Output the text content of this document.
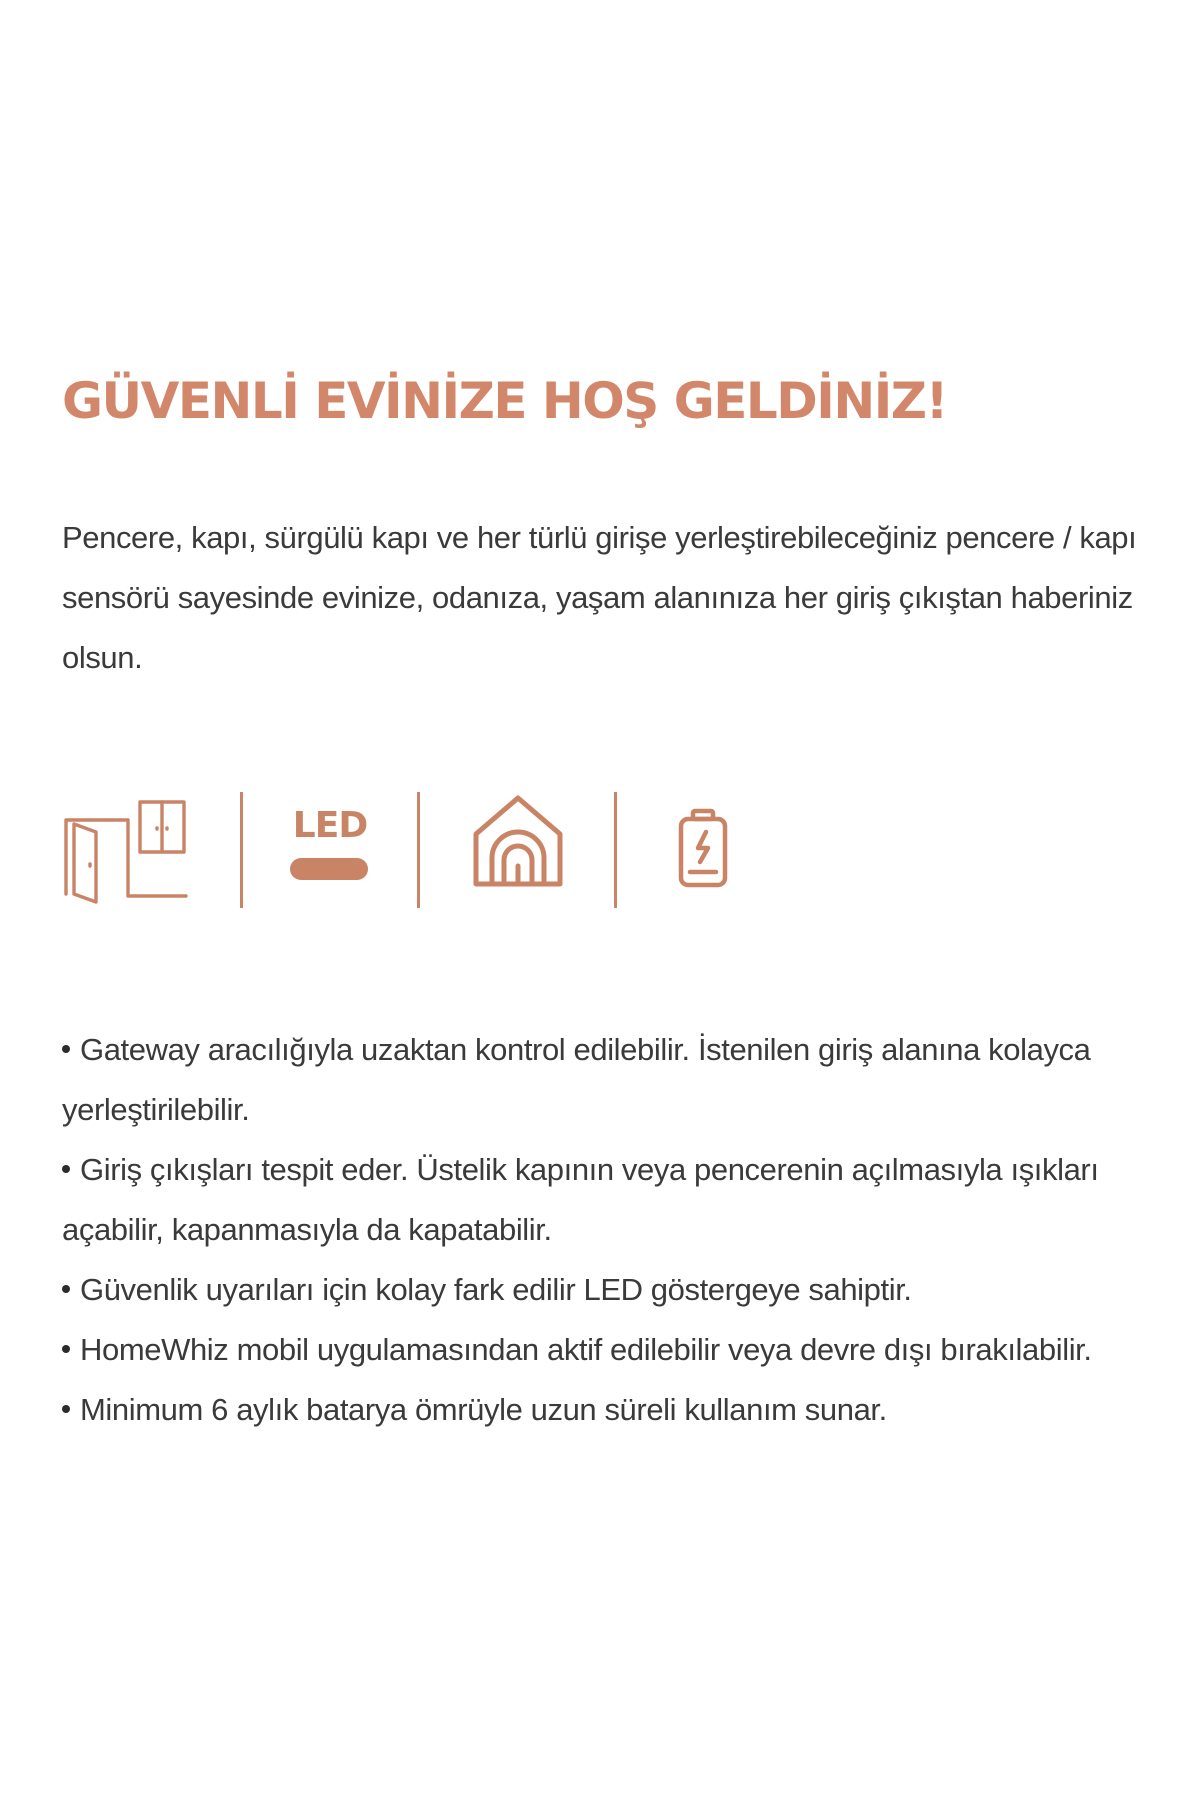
GÜVENLİ EVİNİZE HOŞ GELDİNİZ!

Pencere, kapı, sürgülü kapı ve her türlü girişe yerleştirebileceğiniz pencere / kapı sensörü sayesinde evinize, odanıza, yaşam alanınıza her giriş çıkıştan haberiniz olsun.

LED
Gateway aracılığıyla uzaktan kontrol edilebilir. İstenilen giriş alanına kolayca yerleştirilebilir.
Giriş çıkışları tespit eder. Üstelik kapının veya pencerenin açılmasıyla ışıkları açabilir, kapanmasıyla da kapatabilir.
Güvenlik uyarıları için kolay fark edilir LED göstergeye sahiptir.
HomeWhiz mobil uygulamasından aktif edilebilir veya devre dışı bırakılabilir.
Minimum 6 aylık batarya ömrüyle uzun süreli kullanım sunar.
